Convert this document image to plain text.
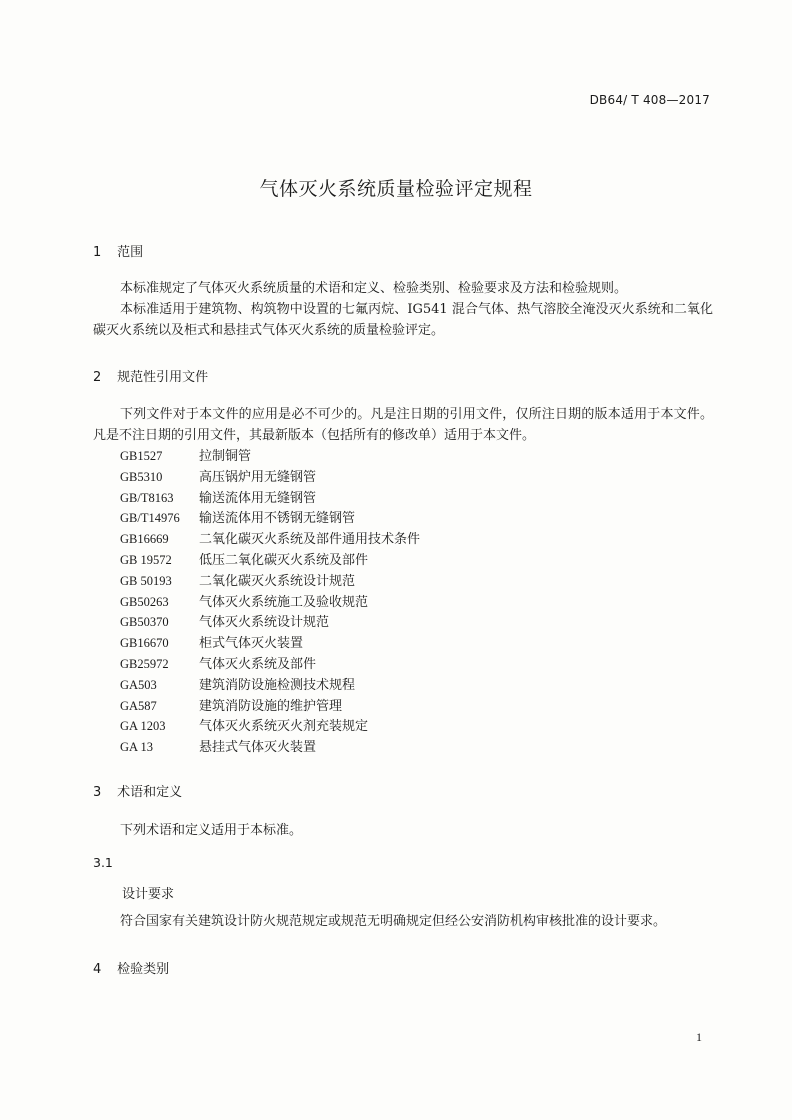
DB64/ T 408—2017
气体灭火系统质量检验评定规程
1 范围
本标准规定了气体灭火系统质量的术语和定义、检验类别、检验要求及方法和检验规则。
本标准适用于建筑物、构筑物中设置的七氟丙烷、IG541 混合气体、热气溶胶全淹没灭火系统和二氧化碳灭火系统以及柜式和悬挂式气体灭火系统的质量检验评定。
2 规范性引用文件
下列文件对于本文件的应用是必不可少的。凡是注日期的引用文件，仅所注日期的版本适用于本文件。凡是不注日期的引用文件，其最新版本（包括所有的修改单）适用于本文件。
GB1527	拉制铜管
GB5310	高压锅炉用无缝钢管
GB/T8163 输送流体用无缝钢管
GB/T14976 输送流体用不锈钢无缝钢管
GB16669 二氧化碳灭火系统及部件通用技术条件
GB 19572 低压二氧化碳灭火系统及部件
GB 50193 二氧化碳灭火系统设计规范
GB50263 气体灭火系统施工及验收规范
GB50370 气体灭火系统设计规范
GB16670 柜式气体灭火装置
GB25972 气体灭火系统及部件
GA503	建筑消防设施检测技术规程
GA587	建筑消防设施的维护管理
GA 1203	气体灭火系统灭火剂充装规定
GA 13	悬挂式气体灭火装置
3 术语和定义
下列术语和定义适用于本标准。
3.1
设计要求
符合国家有关建筑设计防火规范规定或规范无明确规定但经公安消防机构审核批准的设计要求。
4 检验类别
1
